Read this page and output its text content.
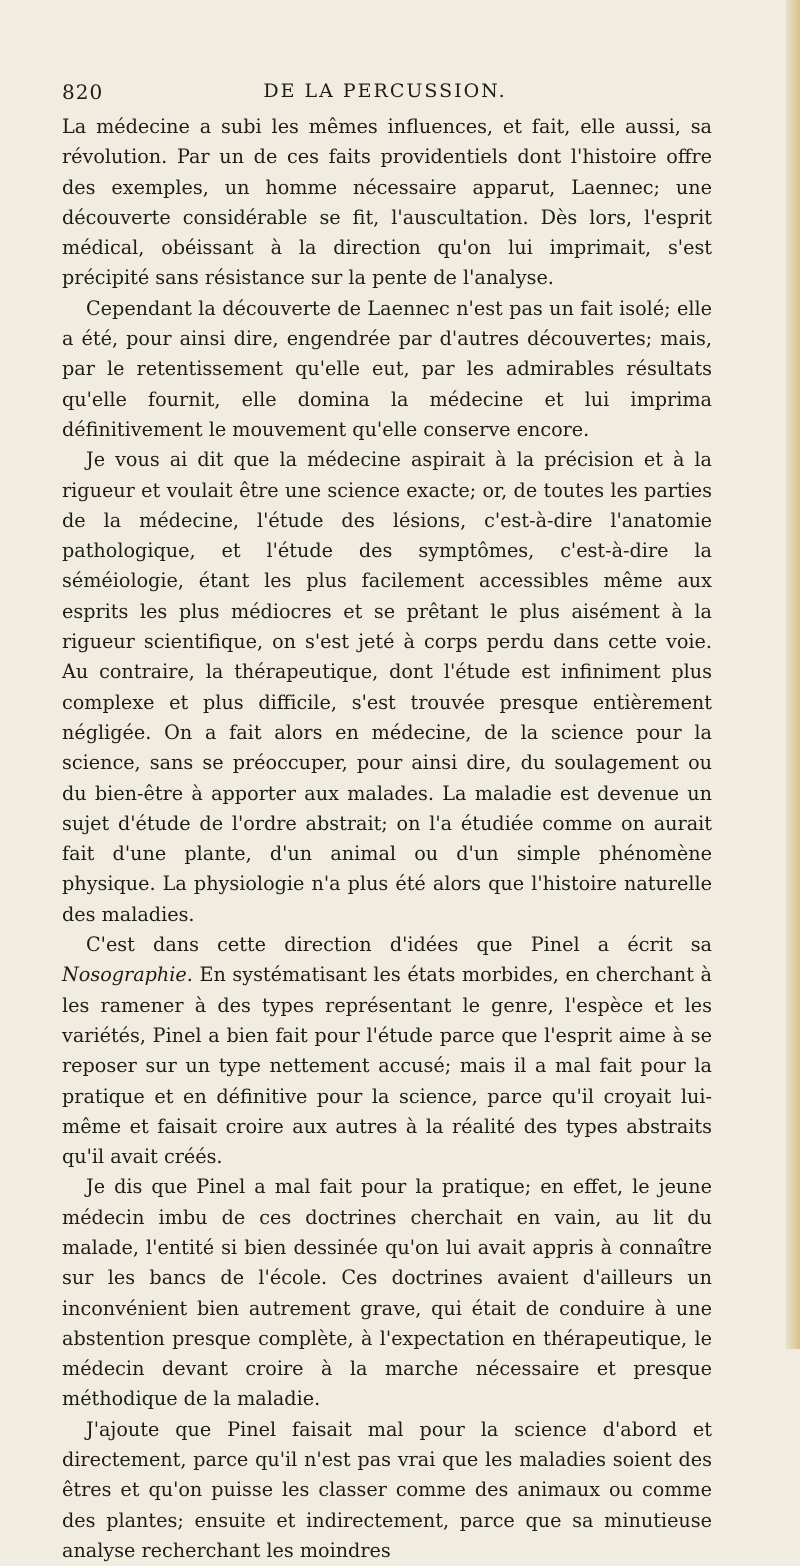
820	DE LA PERCUSSION.

La médecine a subi les mêmes influences, et fait, elle aussi, sa révolution. Par un de ces faits providentiels dont l'histoire offre des exemples, un homme nécessaire apparut, Laennec; une découverte considérable se fit, l'auscultation. Dès lors, l'esprit médical, obéissant à la direction qu'on lui imprimait, s'est précipité sans résistance sur la pente de l'analyse.

Cependant la découverte de Laennec n'est pas un fait isolé; elle a été, pour ainsi dire, engendrée par d'autres découvertes; mais, par le retentissement qu'elle eut, par les admirables résultats qu'elle fournit, elle domina la médecine et lui imprima définitivement le mouvement qu'elle conserve encore.

Je vous ai dit que la médecine aspirait à la précision et à la rigueur et voulait être une science exacte; or, de toutes les parties de la médecine, l'étude des lésions, c'est-à-dire l'anatomie pathologique, et l'étude des symptômes, c'est-à-dire la séméiologie, étant les plus facilement accessibles même aux esprits les plus médiocres et se prêtant le plus aisément à la rigueur scientifique, on s'est jeté à corps perdu dans cette voie. Au contraire, la thérapeutique, dont l'étude est infiniment plus complexe et plus difficile, s'est trouvée presque entièrement négligée. On a fait alors en médecine, de la science pour la science, sans se préoccuper, pour ainsi dire, du soulagement ou du bien-être à apporter aux malades. La maladie est devenue un sujet d'étude de l'ordre abstrait; on l'a étudiée comme on aurait fait d'une plante, d'un animal ou d'un simple phénomène physique. La physiologie n'a plus été alors que l'histoire naturelle des maladies.

C'est dans cette direction d'idées que Pinel a écrit sa Nosographie. En systématisant les états morbides, en cherchant à les ramener à des types représentant le genre, l'espèce et les variétés, Pinel a bien fait pour l'étude parce que l'esprit aime à se reposer sur un type nettement accusé; mais il a mal fait pour la pratique et en définitive pour la science, parce qu'il croyait lui-même et faisait croire aux autres à la réalité des types abstraits qu'il avait créés.

Je dis que Pinel a mal fait pour la pratique; en effet, le jeune médecin imbu de ces doctrines cherchait en vain, au lit du malade, l'entité si bien dessinée qu'on lui avait appris à connaître sur les bancs de l'école. Ces doctrines avaient d'ailleurs un inconvénient bien autrement grave, qui était de conduire à une abstention presque complète, à l'expectation en thérapeutique, le médecin devant croire à la marche nécessaire et presque méthodique de la maladie.

J'ajoute que Pinel faisait mal pour la science d'abord et directement, parce qu'il n'est pas vrai que les maladies soient des êtres et qu'on puisse les classer comme des animaux ou comme des plantes; ensuite et indirectement, parce que sa minutieuse analyse recherchant les moindres
